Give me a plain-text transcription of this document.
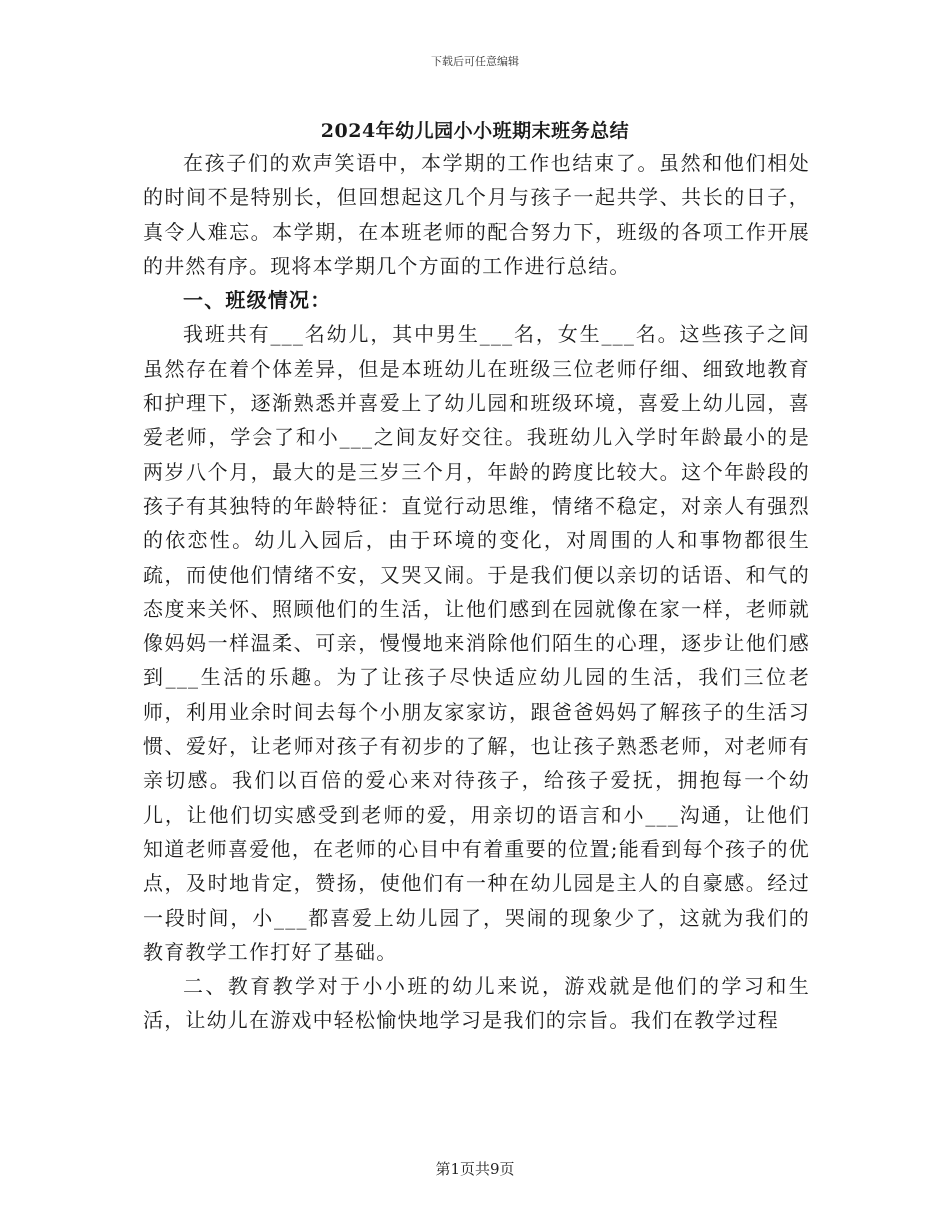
下载后可任意编辑
2024年幼儿园小小班期末班务总结

在孩子们的欢声笑语中，本学期的工作也结束了。虽然和他们相处的时间不是特别长，但回想起这几个月与孩子一起共学、共长的日子，真令人难忘。本学期，在本班老师的配合努力下，班级的各项工作开展的井然有序。现将本学期几个方面的工作进行总结。

一、班级情况：

我班共有___名幼儿，其中男生___名，女生___名。这些孩子之间虽然存在着个体差异，但是本班幼儿在班级三位老师仔细、细致地教育和护理下，逐渐熟悉并喜爱上了幼儿园和班级环境，喜爱上幼儿园，喜爱老师，学会了和小___之间友好交往。我班幼儿入学时年龄最小的是两岁八个月，最大的是三岁三个月，年龄的跨度比较大。这个年龄段的孩子有其独特的年龄特征：直觉行动思维，情绪不稳定，对亲人有强烈的依恋性。幼儿入园后，由于环境的变化，对周围的人和事物都很生疏，而使他们情绪不安，又哭又闹。于是我们便以亲切的话语、和气的态度来关怀、照顾他们的生活，让他们感到在园就像在家一样，老师就像妈妈一样温柔、可亲，慢慢地来消除他们陌生的心理，逐步让他们感到___生活的乐趣。为了让孩子尽快适应幼儿园的生活，我们三位老师，利用业余时间去每个小朋友家家访，跟爸爸妈妈了解孩子的生活习惯、爱好，让老师对孩子有初步的了解，也让孩子熟悉老师，对老师有亲切感。我们以百倍的爱心来对待孩子，给孩子爱抚，拥抱每一个幼儿，让他们切实感受到老师的爱，用亲切的语言和小___沟通，让他们知道老师喜爱他，在老师的心目中有着重要的位置;能看到每个孩子的优点，及时地肯定，赞扬，使他们有一种在幼儿园是主人的自豪感。经过一段时间，小___都喜爱上幼儿园了，哭闹的现象少了，这就为我们的教育教学工作打好了基础。

二、教育教学对于小小班的幼儿来说，游戏就是他们的学习和生活，让幼儿在游戏中轻松愉快地学习是我们的宗旨。我们在教学过程

第1页共9页
